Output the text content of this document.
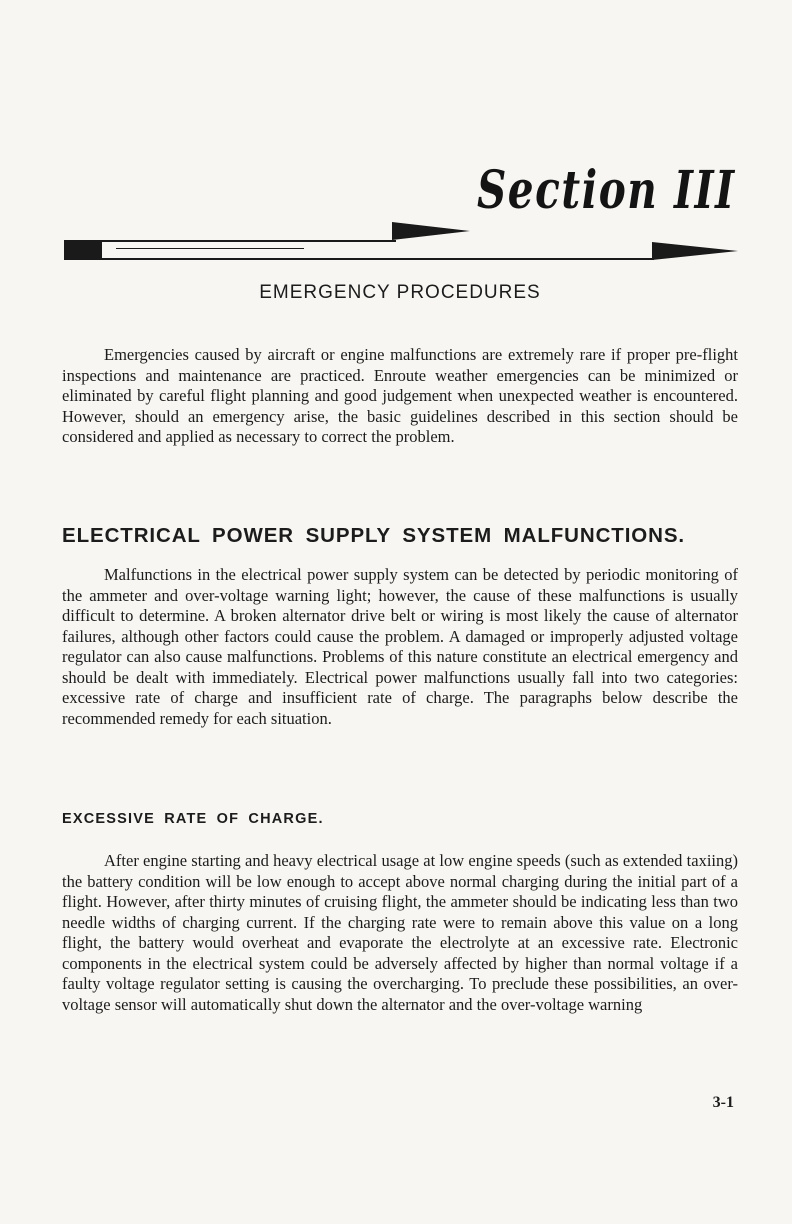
Section III
EMERGENCY PROCEDURES

Emergencies caused by aircraft or engine malfunctions are extremely rare if proper pre-flight inspections and maintenance are practiced. Enroute weather emergencies can be minimized or eliminated by careful flight planning and good judgement when unexpected weather is encountered. However, should an emergency arise, the basic guidelines described in this section should be considered and applied as necessary to correct the problem.

ELECTRICAL POWER SUPPLY SYSTEM MALFUNCTIONS.

Malfunctions in the electrical power supply system can be detected by periodic monitoring of the ammeter and over-voltage warning light; however, the cause of these malfunctions is usually difficult to determine. A broken alternator drive belt or wiring is most likely the cause of alternator failures, although other factors could cause the problem. A damaged or improperly adjusted voltage regulator can also cause malfunctions. Problems of this nature constitute an electrical emergency and should be dealt with immediately. Electrical power malfunctions usually fall into two categories: excessive rate of charge and insufficient rate of charge. The paragraphs below describe the recommended remedy for each situation.

EXCESSIVE RATE OF CHARGE.

After engine starting and heavy electrical usage at low engine speeds (such as extended taxiing) the battery condition will be low enough to accept above normal charging during the initial part of a flight. However, after thirty minutes of cruising flight, the ammeter should be indicating less than two needle widths of charging current. If the charging rate were to remain above this value on a long flight, the battery would overheat and evaporate the electrolyte at an excessive rate. Electronic components in the electrical system could be adversely affected by higher than normal voltage if a faulty voltage regulator setting is causing the overcharging. To preclude these possibilities, an over-voltage sensor will automatically shut down the alternator and the over-voltage warning

3-1
